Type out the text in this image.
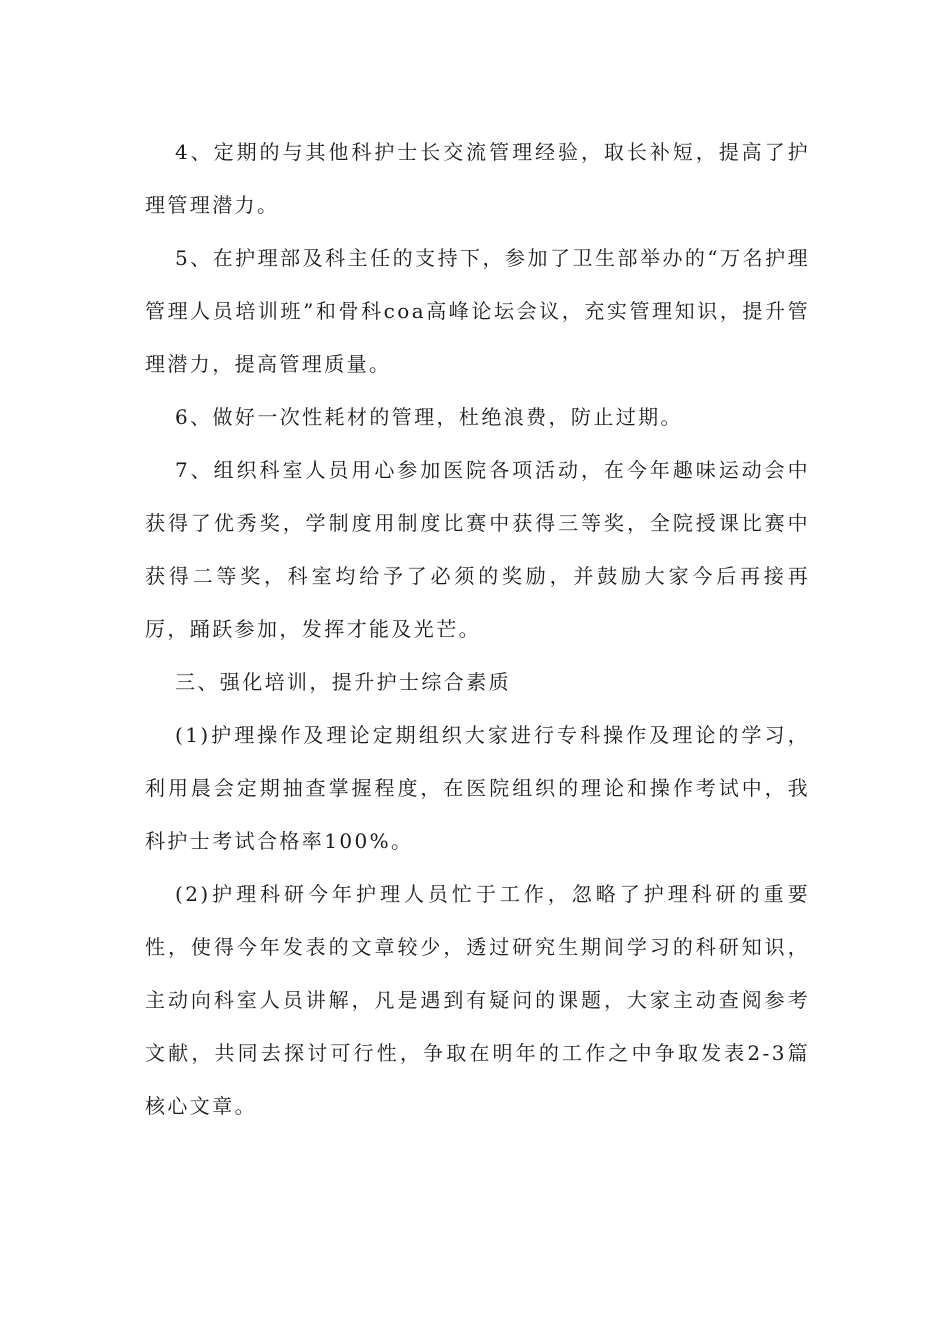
4、定期的与其他科护士长交流管理经验，取长补短，提高了护理管理潜力。

5、在护理部及科主任的支持下，参加了卫生部举办的“万名护理管理人员培训班”和骨科coa高峰论坛会议，充实管理知识，提升管理潜力，提高管理质量。

6、做好一次性耗材的管理，杜绝浪费，防止过期。

7、组织科室人员用心参加医院各项活动，在今年趣味运动会中获得了优秀奖，学制度用制度比赛中获得三等奖，全院授课比赛中获得二等奖，科室均给予了必须的奖励，并鼓励大家今后再接再厉，踊跃参加，发挥才能及光芒。

三、强化培训，提升护士综合素质

(1)护理操作及理论定期组织大家进行专科操作及理论的学习，利用晨会定期抽查掌握程度，在医院组织的理论和操作考试中，我科护士考试合格率100%。

(2)护理科研今年护理人员忙于工作，忽略了护理科研的重要性，使得今年发表的文章较少，透过研究生期间学习的科研知识，主动向科室人员讲解，凡是遇到有疑问的课题，大家主动查阅参考文献，共同去探讨可行性，争取在明年的工作之中争取发表2-3篇核心文章。
